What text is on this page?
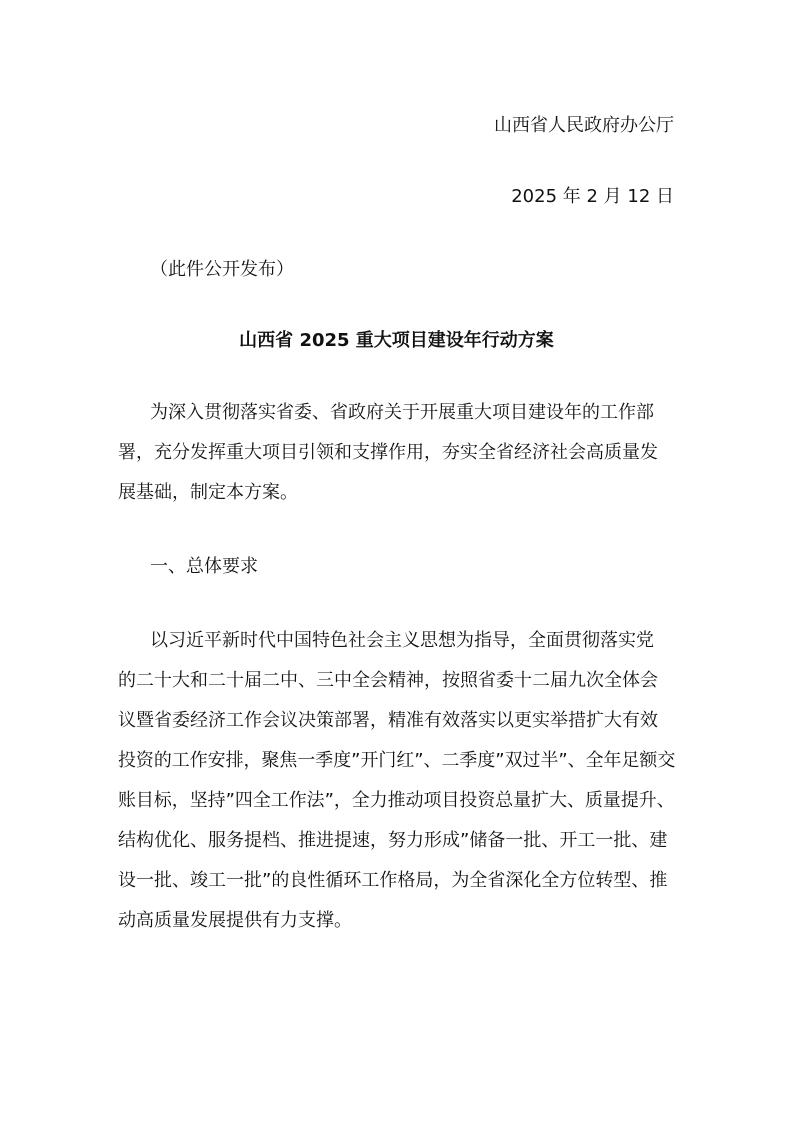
山西省人民政府办公厅
2025 年 2 月 12 日
（此件公开发布）
山西省 2025 重大项目建设年行动方案
为深入贯彻落实省委、省政府关于开展重大项目建设年的工作部
署，充分发挥重大项目引领和支撑作用，夯实全省经济社会高质量发
展基础，制定本方案。
一、总体要求
以习近平新时代中国特色社会主义思想为指导，全面贯彻落实党
的二十大和二十届二中、三中全会精神，按照省委十二届九次全体会
议暨省委经济工作会议决策部署，精准有效落实以更实举措扩大有效
投资的工作安排，聚焦一季度”开门红”、二季度”双过半”、全年足额交
账目标，坚持”四全工作法”，全力推动项目投资总量扩大、质量提升、
结构优化、服务提档、推进提速，努力形成”储备一批、开工一批、建
设一批、竣工一批”的良性循环工作格局，为全省深化全方位转型、推
动高质量发展提供有力支撑。
